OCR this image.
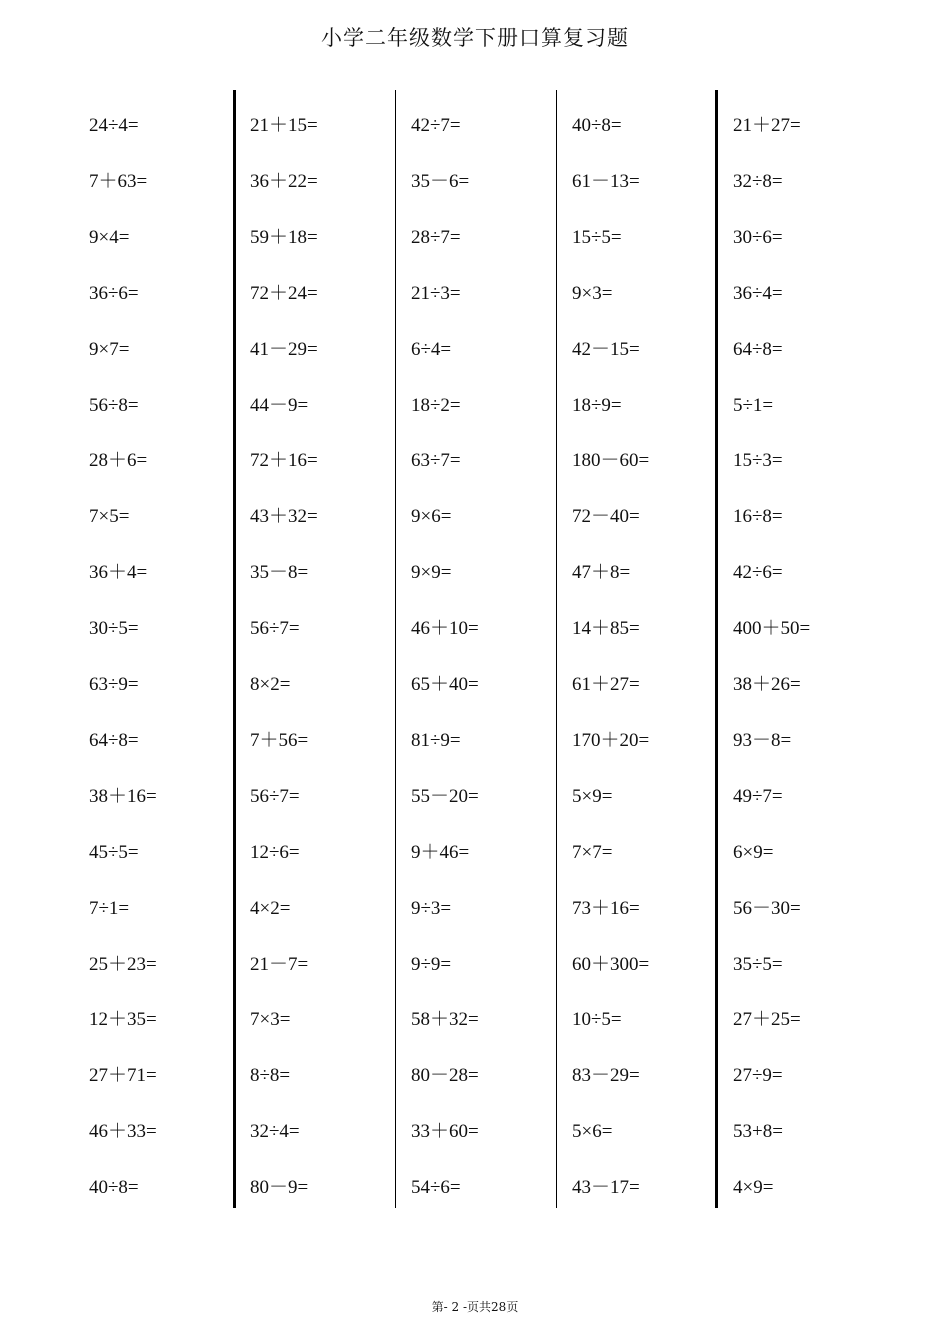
小学二年级数学下册口算复习题
24÷4=
7＋63=
9×4=
36÷6=
9×7=
56÷8=
28＋6=
7×5=
36＋4=
30÷5=
63÷9=
64÷8=
38＋16=
45÷5=
7÷1=
25＋23=
12＋35=
27＋71=
46＋33=
40÷8=
21＋15=
36＋22=
59＋18=
72＋24=
41－29=
44－9=
72＋16=
43＋32=
35－8=
56÷7=
8×2=
7＋56=
56÷7=
12÷6=
4×2=
21－7=
7×3=
8÷8=
32÷4=
80－9=
42÷7=
35－6=
28÷7=
21÷3=
6÷4=
18÷2=
63÷7=
9×6=
9×9=
46＋10=
65＋40=
81÷9=
55－20=
9＋46=
9÷3=
9÷9=
58＋32=
80－28=
33＋60=
54÷6=
40÷8=
61－13=
15÷5=
9×3=
42－15=
18÷9=
180－60=
72－40=
47＋8=
14＋85=
61＋27=
170＋20=
5×9=
7×7=
73＋16=
60＋300=
10÷5=
83－29=
5×6=
43－17=
21＋27=
32÷8=
30÷6=
36÷4=
64÷8=
5÷1=
15÷3=
16÷8=
42÷6=
400＋50=
38＋26=
93－8=
49÷7=
6×9=
56－30=
35÷5=
27＋25=
27÷9=
53+8=
4×9=
第- 2 -页共28页
